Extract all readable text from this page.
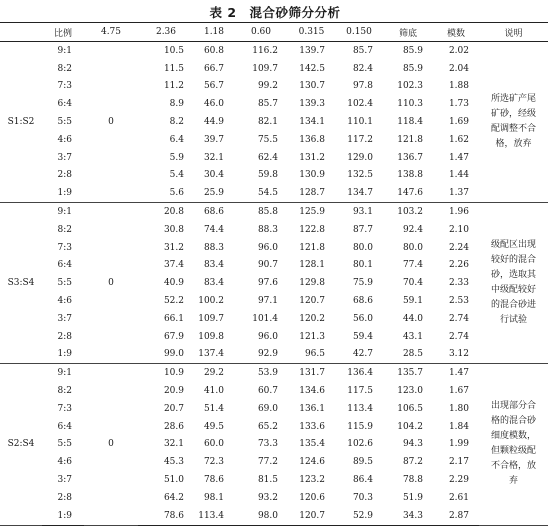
表 2　混合砂筛分分析
	比例	4.75	2.36	1.18	0.60	0.315	0.150	筛底	模数	说明
S1:S2	9:1	0	10.5	60.8	116.2	139.7	85.7	85.9	2.02	所选矿产尾矿砂，经级配调整不合格，放弃
	8:2		11.5	66.7	109.7	142.5	82.4	85.9	2.04	
	7:3		11.2	56.7	99.2	130.7	97.8	102.3	1.88	
	6:4		8.9	46.0	85.7	139.3	102.4	110.3	1.73	
	5:5		8.2	44.9	82.1	134.1	110.1	118.4	1.69	
	4:6		6.4	39.7	75.5	136.8	117.2	121.8	1.62	
	3:7		5.9	32.1	62.4	131.2	129.0	136.7	1.47	
	2:8		5.4	30.4	59.8	130.9	132.5	138.8	1.44	
	1:9		5.6	25.9	54.5	128.7	134.7	147.6	1.37	
S3:S4	9:1	0	20.8	68.6	85.8	125.9	93.1	103.2	1.96	级配区出现较好的混合砂，选取其中级配较好的混合砂进行试验
	8:2		30.8	74.4	88.3	122.8	87.7	92.4	2.10	
	7:3		31.2	88.3	96.0	121.8	80.0	80.0	2.24	
	6:4		37.4	83.4	90.7	128.1	80.1	77.4	2.26	
	5:5		40.9	83.4	97.6	129.8	75.9	70.4	2.33	
	4:6		52.2	100.2	97.1	120.7	68.6	59.1	2.53	
	3:7		66.1	109.7	101.4	120.2	56.0	44.0	2.74	
	2:8		67.9	109.8	96.0	121.3	59.4	43.1	2.74	
	1:9		99.0	137.4	92.9	96.5	42.7	28.5	3.12	
S2:S4	9:1	0	10.9	29.2	53.9	131.7	136.4	135.7	1.47	出现部分合格的混合砂细度模数，但颗粒级配不合格，放弃
	8:2		20.9	41.0	60.7	134.6	117.5	123.0	1.67	
	7:3		20.7	51.4	69.0	136.1	113.4	106.5	1.80	
	6:4		28.6	49.5	65.2	133.6	115.9	104.2	1.84	
	5:5		32.1	60.0	73.3	135.4	102.6	94.3	1.99	
	4:6		45.3	72.3	77.2	124.6	89.5	87.2	2.17	
	3:7		51.0	78.6	81.5	123.2	86.4	78.8	2.29	
	2:8		64.2	98.1	93.2	120.6	70.3	51.9	2.61	
	1:9		78.6	113.4	98.0	120.7	52.9	34.3	2.87	
